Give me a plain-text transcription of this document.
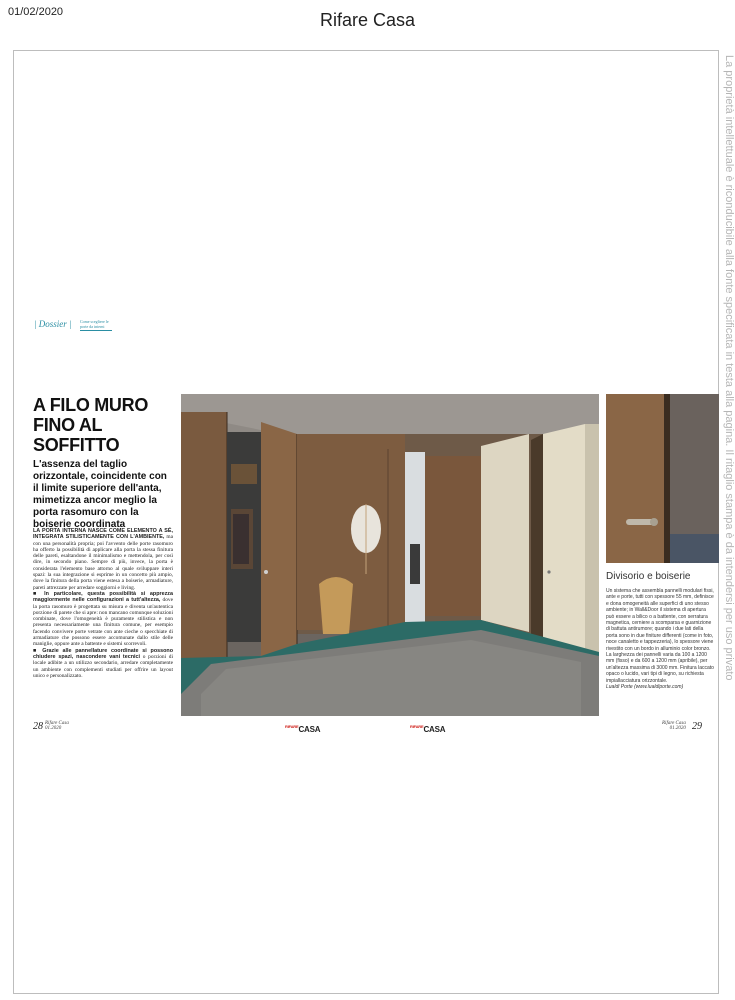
01/02/2020	Rifare Casa
La proprietà intellettuale è riconducibile alla fonte specificata in testa alla pagina. Il ritaglio stampa è da intendersi per uso privato
| Dossier | Come scegliere le porte da interni
A FILO MURO FINO AL SOFFITTO
L'assenza del taglio orizzontale, coincidente con il limite superiore dell'anta, mimetizza ancor meglio la porta rasomuro con la boiserie coordinata

LA PORTA INTERNA NASCE COME ELEMENTO A SÉ, INTEGRATA STILISTICAMENTE CON L'AMBIENTE, ma con una personalità propria; poi l'avvento delle porte rasomuro ha offerto la possibilità di applicare alla porta la stessa finitura delle pareti, esaltandone il minimalismo e mettendola, per così dire, in secondo piano. Sempre di più, invece, la porta è considerata l'elemento base attorno al quale sviluppare interi spazi: la sua integrazione si esprime in un concetto più ampio, dove la finitura della porta viene estesa a boiserie, armadiature, pareti attrezzate per arredare soggiorni e living.

■ In particolare, questa possibilità si apprezza maggiormente nelle configurazioni a tutt'altezza, dove la porta rasomuro è progettata su misura e diventa un'autentica porzione di parete che si apre: non mancano comunque soluzioni combinate, dove l'omogeneità è puramente stilistica e non presenta necessariamente una finitura comune, per esempio facendo convivere porte vetrate con ante cieche o specchiate di armadiature che possono essere accomunate dallo stile delle maniglie, oppure ante a battente e sistemi scorrevoli.

■ Grazie alle pannellature coordinate si possono chiudere spazi, nascondere vani tecnici o porzioni di locale adibite a un utilizzo secondario, arredare completamente un ambiente con complementi studiati per offrire un layout unico e personalizzato.

Divisorio e boiserie
Un sistema che assembla pannelli modulari fissi, ante e porte, tutti con spessore 55 mm, definisce e dona omogeneità alle superfici di uno stesso ambiente; in Wall&Door il sistema di apertura può essere a bilico o a battente, con serratura magnetica, cerniere a scomparsa e guarnizione di battuta antirumore; quando i due lati della porta sono in due finiture differenti (come in foto, noce canaletto e tappezzeria), lo spessore viene rivestito con un bordo in alluminio color bronzo. La larghezza dei pannelli varia da 100 a 1200 mm (fisso) e da 600 a 1200 mm (apribile), per un'altezza massima di 3000 mm. Finitura laccato opaco o lucido, vari tipi di legno, su richiesta impiallacciatura orizzontale.
Lualdi Porte (www.lualdiporte.com)
28 Rifare Casa
01.2020	$^{RIFARE}$CASA	$^{RIFARE}$CASA
Rifare Casa
01.2020 29
